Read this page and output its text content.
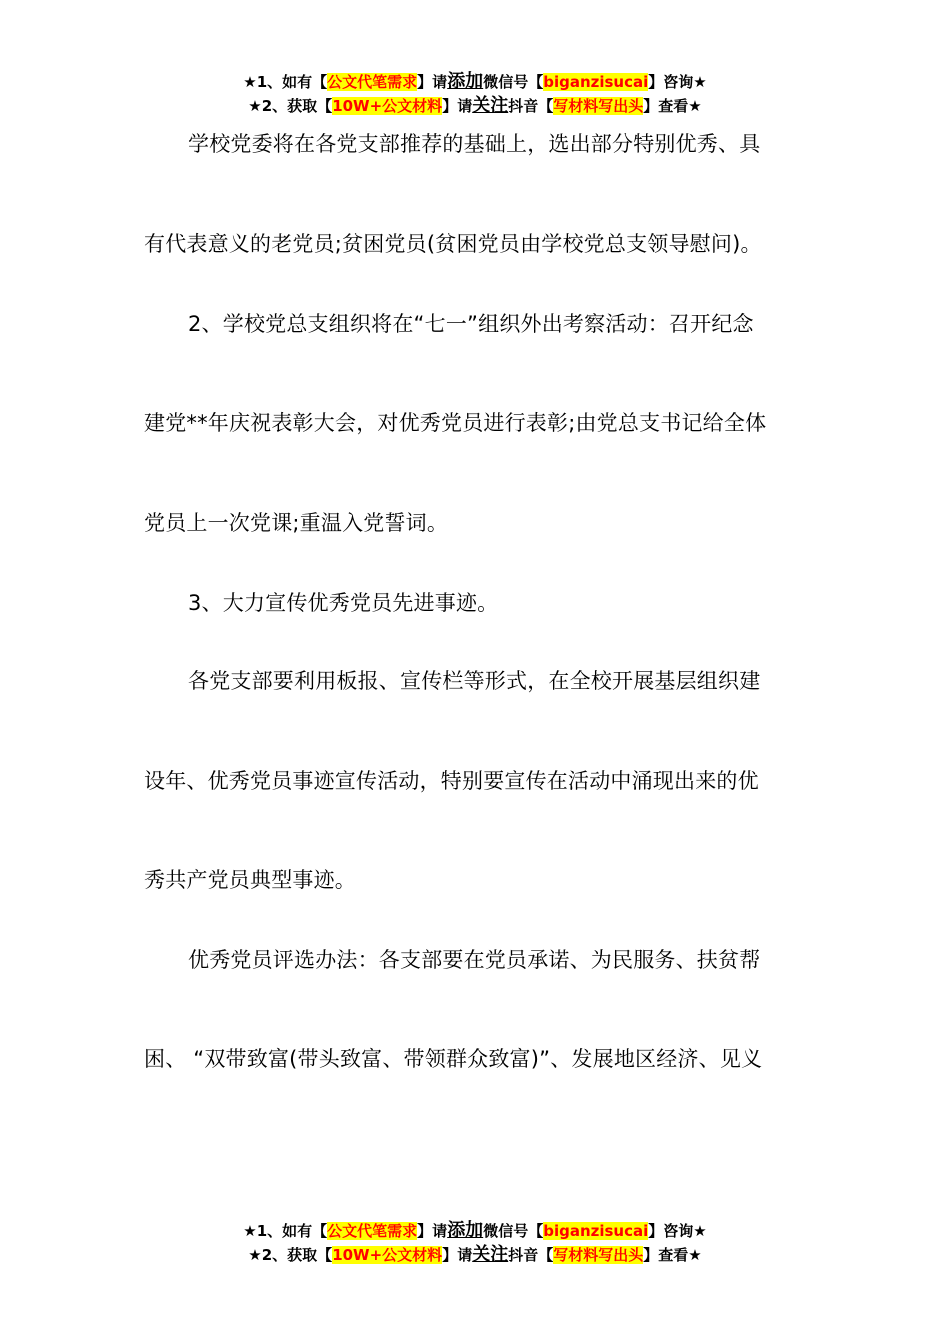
★1、如有【公文代笔需求】请添加微信号【biganzisucai】咨询★
★2、获取【10W+公文材料】请关注抖音【写材料写出头】查看★
学校党委将在各党支部推荐的基础上，选出部分特别优秀、具
有代表意义的老党员;贫困党员(贫困党员由学校党总支领导慰问)。
2、学校党总支组织将在“七一”组织外出考察活动：召开纪念
建党**年庆祝表彰大会，对优秀党员进行表彰;由党总支书记给全体
党员上一次党课;重温入党誓词。
3、大力宣传优秀党员先进事迹。
各党支部要利用板报、宣传栏等形式，在全校开展基层组织建
设年、优秀党员事迹宣传活动，特别要宣传在活动中涌现出来的优
秀共产党员典型事迹。
优秀党员评选办法：各支部要在党员承诺、为民服务、扶贫帮
困、 “双带致富(带头致富、带领群众致富)”、发展地区经济、见义
★1、如有【公文代笔需求】请添加微信号【biganzisucai】咨询★
★2、获取【10W+公文材料】请关注抖音【写材料写出头】查看★
